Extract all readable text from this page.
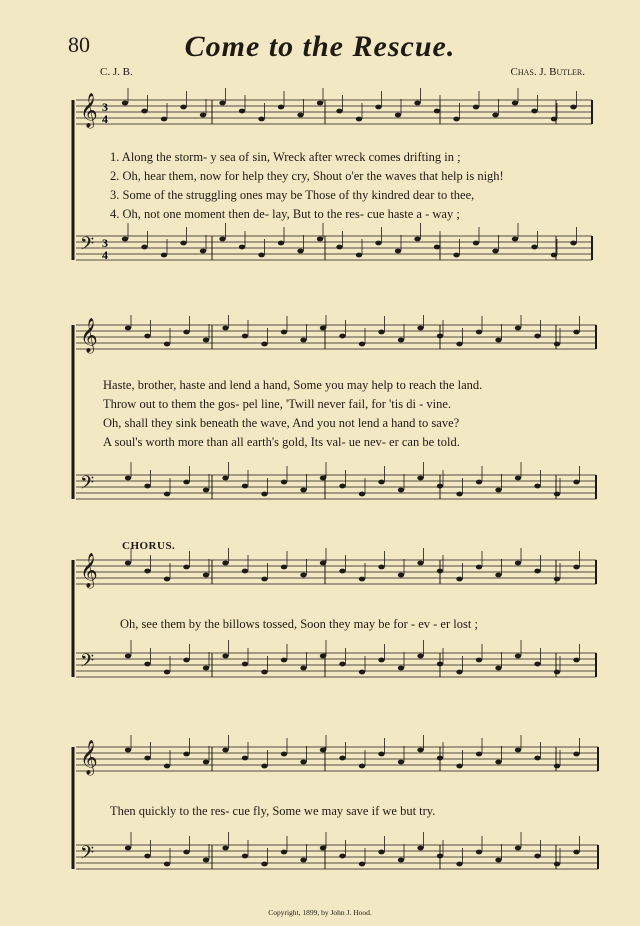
80	Come to the Rescue.
C. J. B.	Chas. J. Butler.
𝄞 3
4
𝄢 3
4
1. Along the storm- y sea of sin, Wreck after wreck comes drifting in ;
2. Oh, hear them, now for help they cry, Shout o'er the waves that help is nigh!
3. Some of the struggling ones may be Those of thy kindred dear to thee,
4. Oh, not one moment then de- lay, But to the res- cue haste a - way ;
𝄞
𝄢
Haste, brother, haste and lend a hand, Some you may help to reach the land.
Throw out to them the gos- pel line, 'Twill never fail, for 'tis di - vine.
Oh, shall they sink beneath the wave, And you not lend a hand to save?
A soul's worth more than all earth's gold, Its val- ue nev- er can be told.
CHORUS.
𝄞
𝄢
Oh, see them by the billows tossed, Soon they may be for - ev - er lost ;
𝄞
𝄢
Then quickly to the res- cue fly, Some we may save if we but try.
Copyright, 1899, by John J. Hood.
